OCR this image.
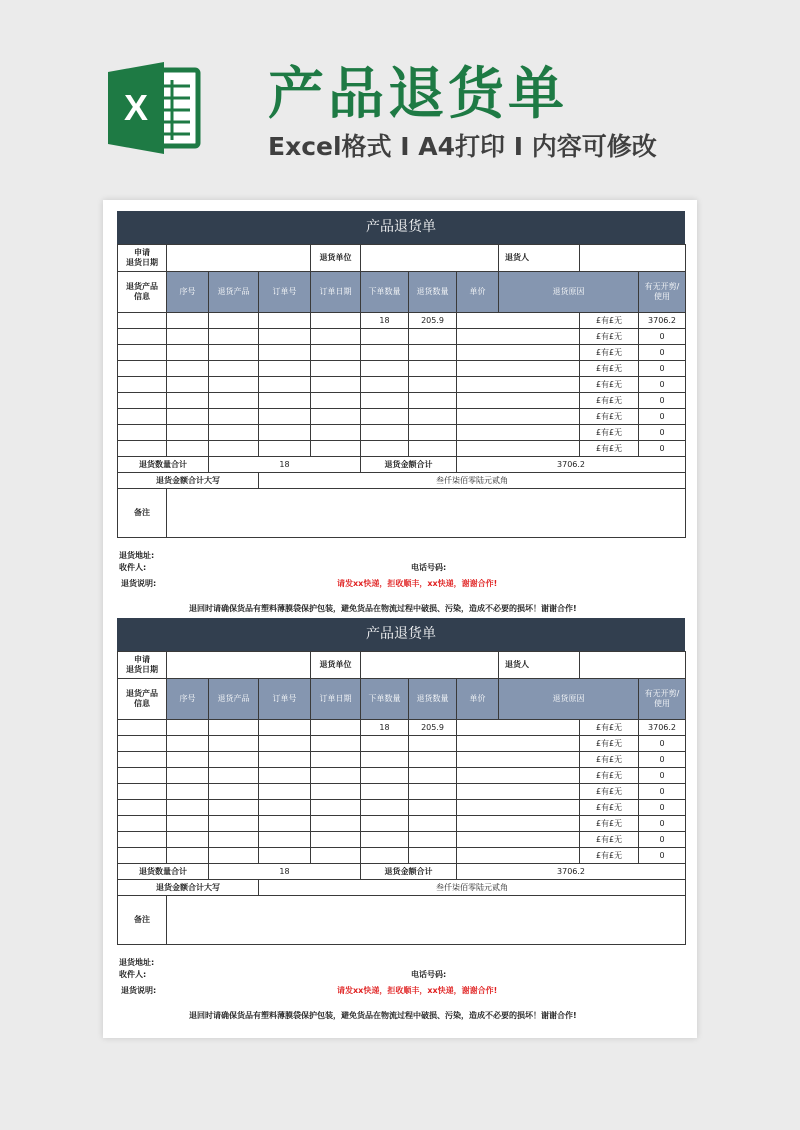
X 产品退货单
Excel格式 I A4打印 I 内容可修改
产品退货单
申请
退货日期				退货单位				退货人			
退货产品
信息	序号	退货产品	订单号	订单日期	下单数量	退货数量	单价	退货原因		有无开剪/
使用	
					18	205.9			£有£无	3706.2	
									£有£无	0	
									£有£无	0	
									£有£无	0	
									£有£无	0	
									£有£无	0	
									£有£无	0	
									£有£无	0	
									£有£无	0	
退货数量合计		18			退货金额合计		3706.2				
退货金额合计大写			叁仟柒佰零陆元贰角								
备注											
退货地址:
收件人:	电话号码:
退货说明:	请发xx快递，拒收顺丰，xx快递，谢谢合作!
退回时请确保货品有塑料薄膜袋保护包装，避免货品在物流过程中破损、污染，造成不必要的损坏！谢谢合作!
产品退货单
申请
退货日期				退货单位				退货人			
退货产品
信息	序号	退货产品	订单号	订单日期	下单数量	退货数量	单价	退货原因		有无开剪/
使用	
					18	205.9			£有£无	3706.2	
									£有£无	0	
									£有£无	0	
									£有£无	0	
									£有£无	0	
									£有£无	0	
									£有£无	0	
									£有£无	0	
									£有£无	0	
退货数量合计		18			退货金额合计		3706.2				
退货金额合计大写			叁仟柒佰零陆元贰角								
备注											
退货地址:
收件人:	电话号码:
退货说明:	请发xx快递，拒收顺丰，xx快递，谢谢合作!
退回时请确保货品有塑料薄膜袋保护包装，避免货品在物流过程中破损、污染，造成不必要的损坏！谢谢合作!
